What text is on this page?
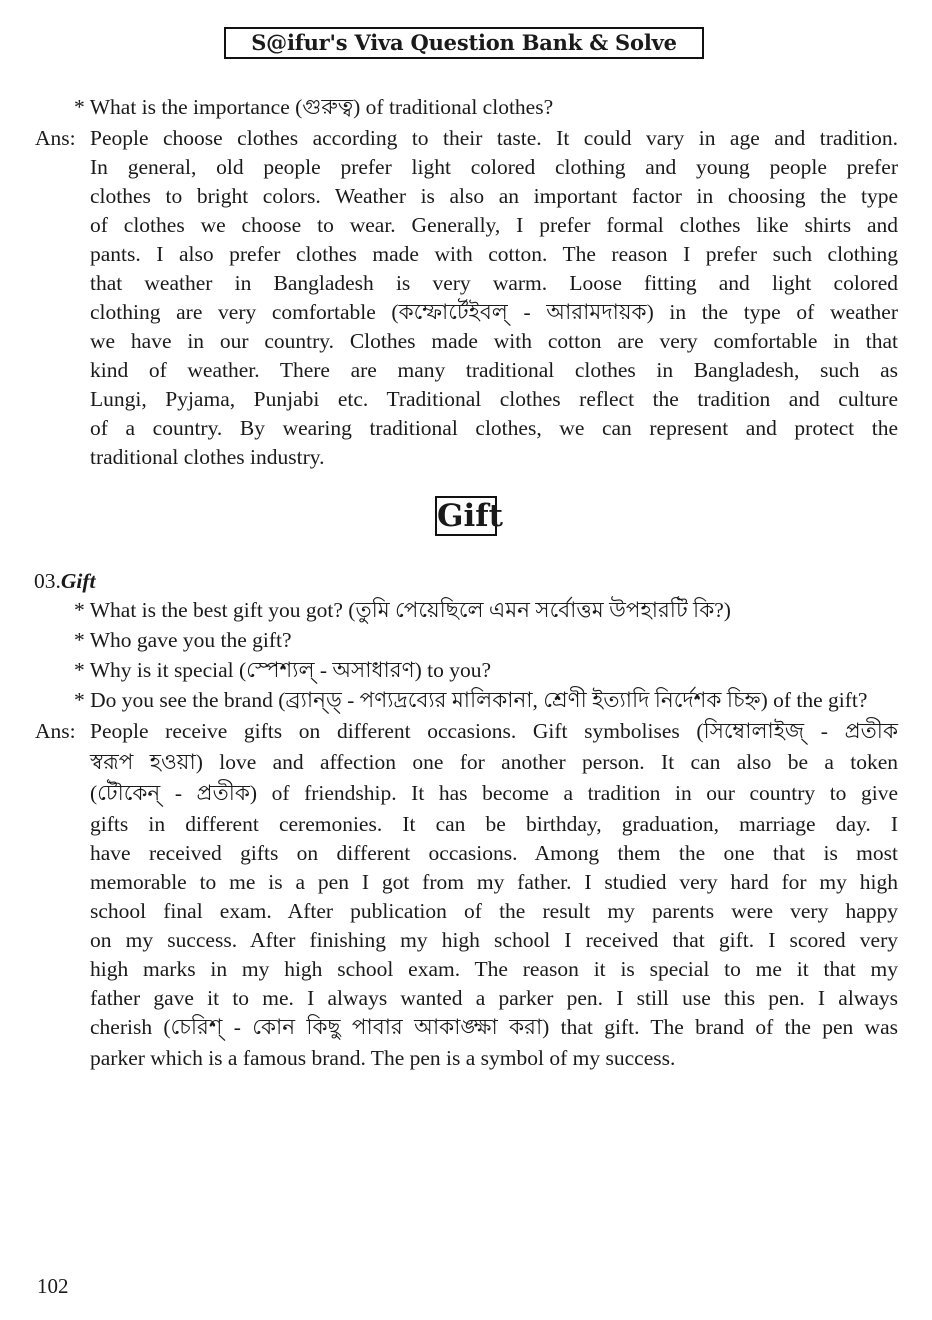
S@ifur's Viva Question Bank & Solve
* What is the importance (গুরুত্ব) of traditional clothes?
Ans: People choose clothes according to their taste. It could vary in age and tradition.
In general, old people prefer light colored clothing and young people prefer
clothes to bright colors. Weather is also an important factor in choosing the type
of clothes we choose to wear. Generally, I prefer formal clothes like shirts and
pants. I also prefer clothes made with cotton. The reason I prefer such clothing
that weather in Bangladesh is very warm. Loose fitting and light colored
clothing are very comfortable (কম্ফোর্টেইবল্ - আরামদায়ক) in the type of weather
we have in our country. Clothes made with cotton are very comfortable in that
kind of weather. There are many traditional clothes in Bangladesh, such as
Lungi, Pyjama, Punjabi etc. Traditional clothes reflect the tradition and culture
of a country. By wearing traditional clothes, we can represent and protect the
traditional clothes industry.
Gift
03.Gift
* What is the best gift you got? (তুমি পেয়েছিলে এমন সর্বোত্তম উপহারটি কি?)
* Who gave you the gift?
* Why is it special (স্পেশ্যল্ - অসাধারণ) to you?
* Do you see the brand (ব্র্যান্ড্ - পণ্যদ্রব্যের মালিকানা, শ্রেণী ইত্যাদি নির্দেশক চিহ্ন) of the gift?
Ans: People receive gifts on different occasions. Gift symbolises (সিম্বোলাইজ্ - প্রতীক
স্বরূপ হওয়া) love and affection one for another person. It can also be a token
(টৌকেন্ - প্রতীক) of friendship. It has become a tradition in our country to give
gifts in different ceremonies. It can be birthday, graduation, marriage day. I
have received gifts on different occasions. Among them the one that is most
memorable to me is a pen I got from my father. I studied very hard for my high
school final exam. After publication of the result my parents were very happy
on my success. After finishing my high school I received that gift. I scored very
high marks in my high school exam. The reason it is special to me it that my
father gave it to me. I always wanted a parker pen. I still use this pen. I always
cherish (চেরিশ্ - কোন কিছু পাবার আকাঙ্ক্ষা করা) that gift. The brand of the pen was
parker which is a famous brand. The pen is a symbol of my success.
102
